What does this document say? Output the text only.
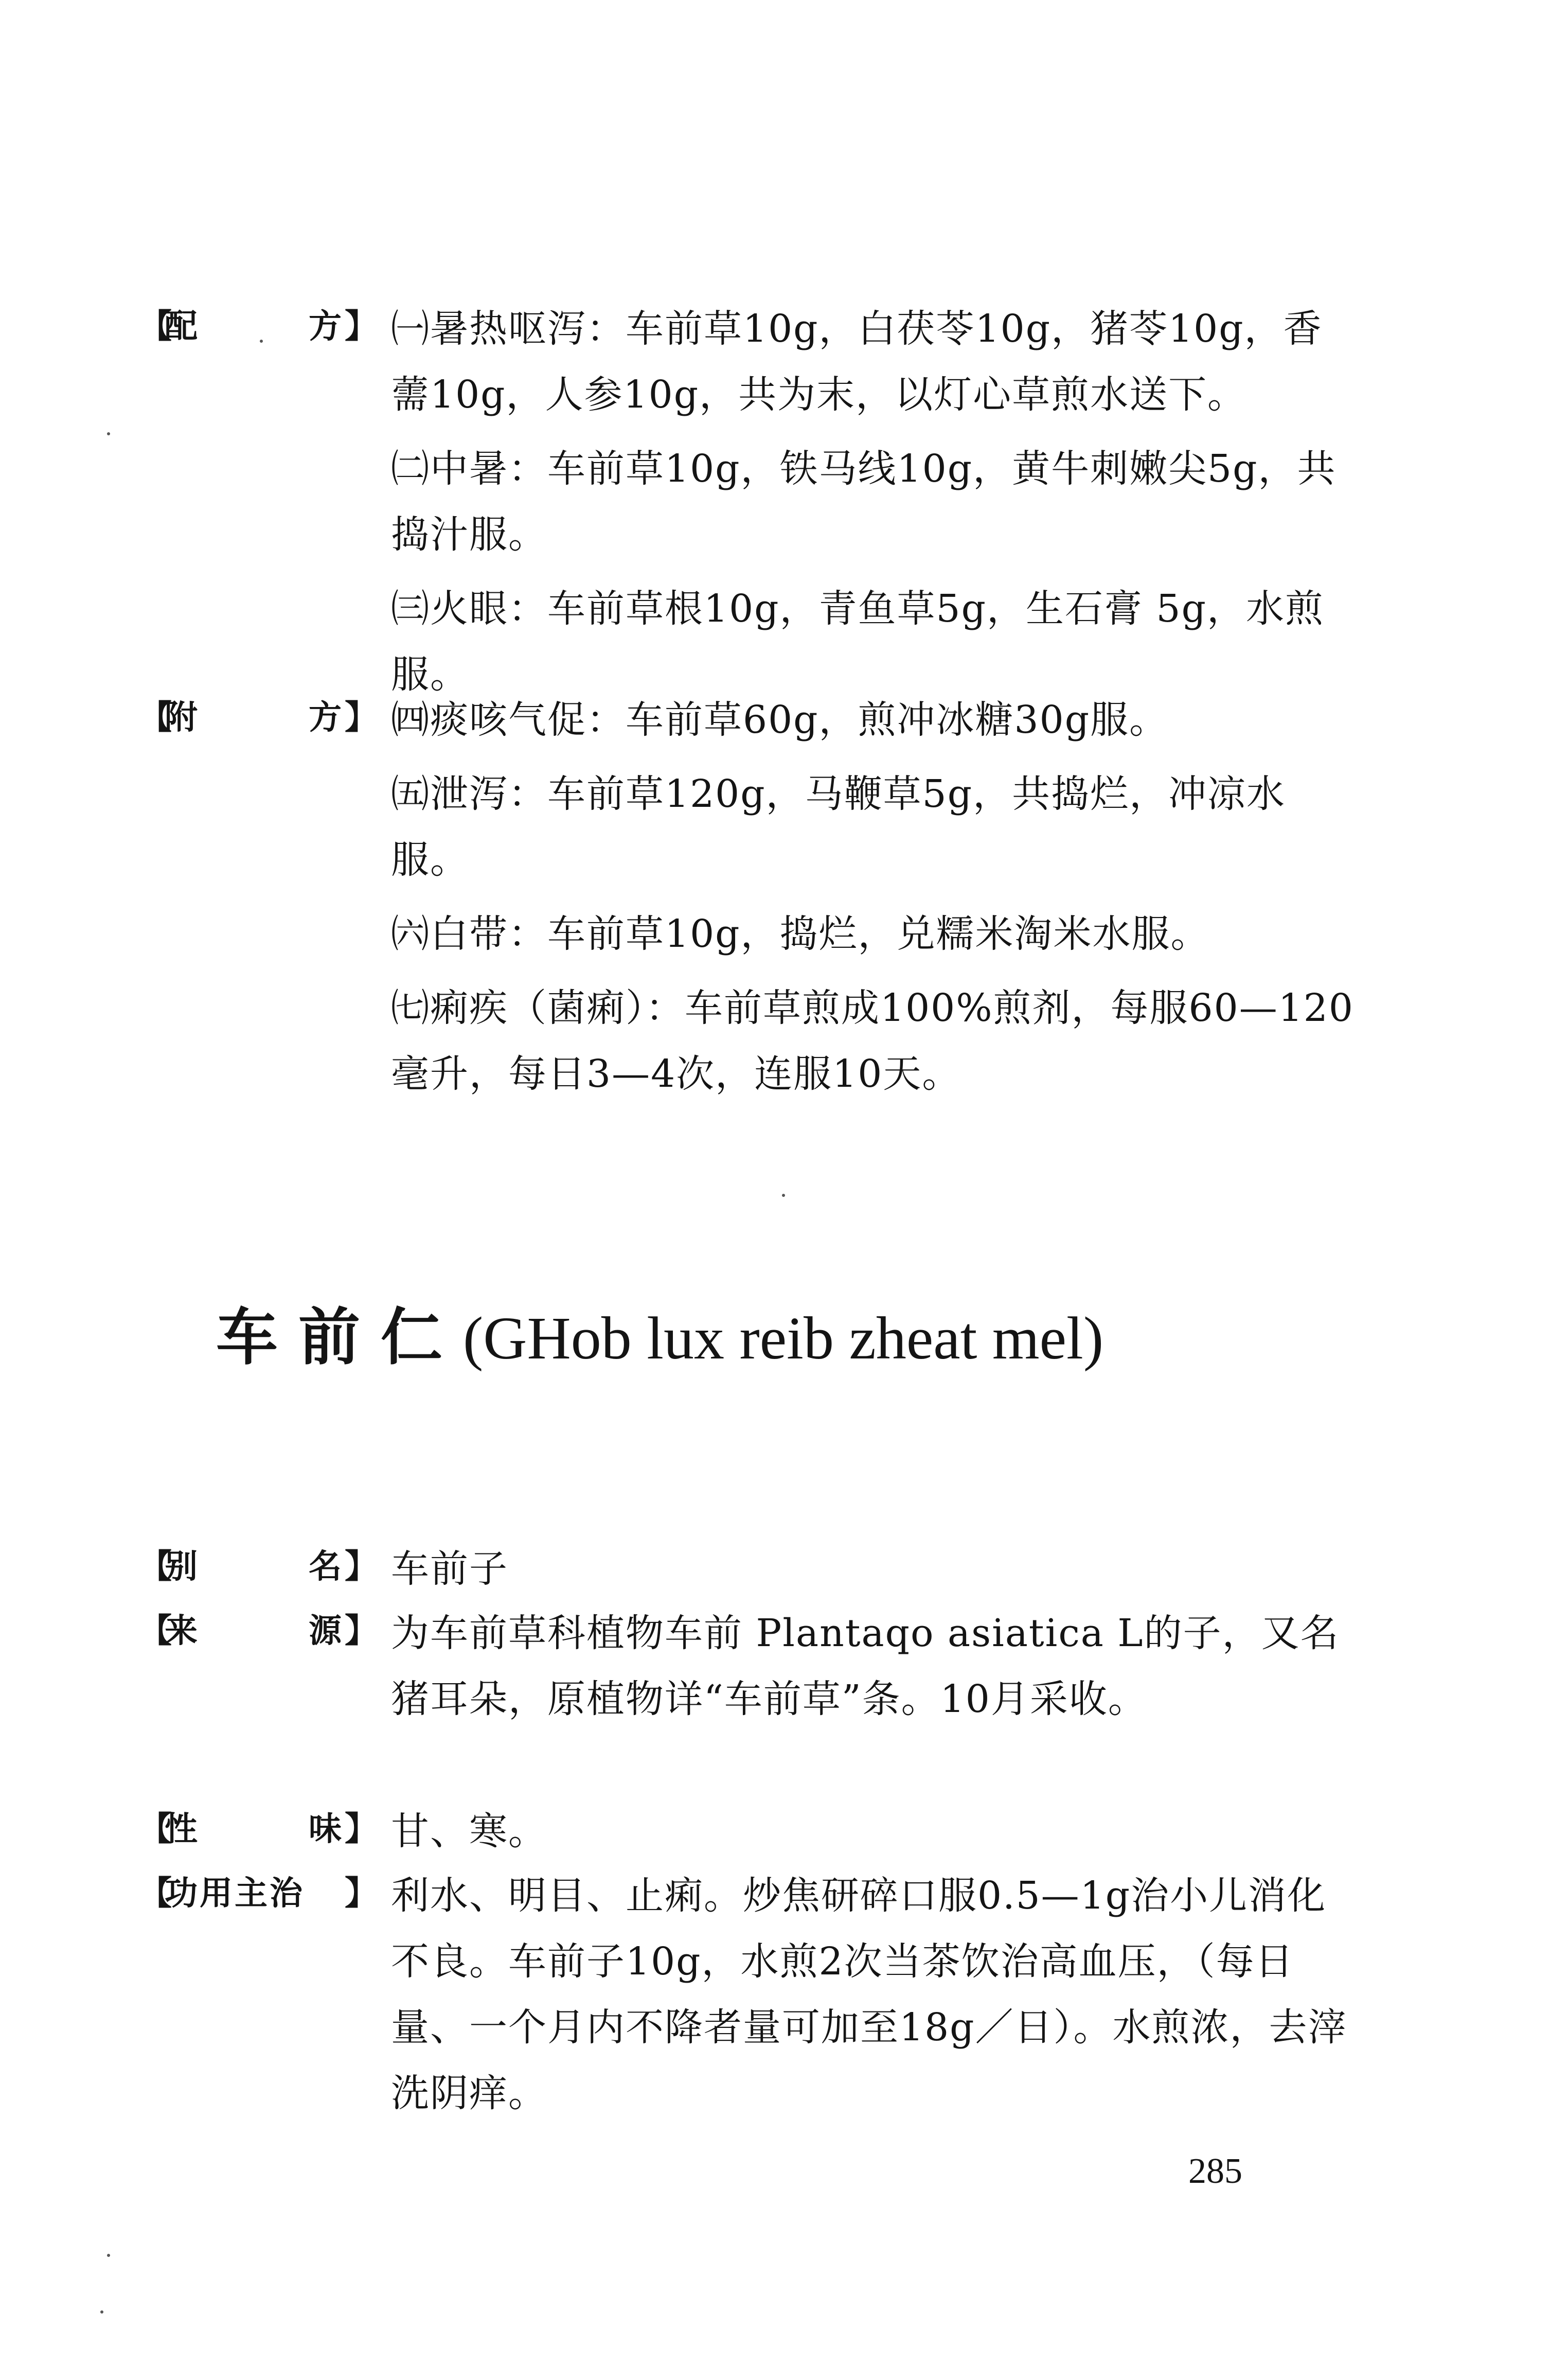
【
配	方 】 ㈠暑热呕泻：车前草10g，白茯苓10g，猪苓10g，香薷10g，人参10g，共为末，以灯心草煎水送下。

㈡中暑：车前草10g，铁马线10g，黄牛刺嫩尖5g，共捣汁服。

㈢火眼：车前草根10g，青鱼草5g，生石膏 5g，水煎服。

【
附	方 】 ㈣痰咳气促：车前草60g，煎冲冰糖30g服。

㈤泄泻：车前草120g，马鞭草5g，共捣烂，冲凉水服。

㈥白带：车前草10g，捣烂，兑糯米淘米水服。

㈦痢疾（菌痢）：车前草煎成100%煎剂，每服60—120毫升，每日3—4次，连服10天。

车前仁(GHob lux reib zheat mel)
【
别	名 】 车前子

【
来	源 】 为车前草科植物车前 Plantaqo asiatica L的子，又名猪耳朵，原植物详“车前草”条。10月采收。

【
性	味 】 甘、寒。

【
功用主治 】 利水、明目、止痢。炒焦研碎口服0.5—1g治小儿消化不良。车前子10g，水煎2次当茶饮治高血压，（每日量、一个月内不降者量可加至18g／日）。水煎浓，去滓洗阴痒。

285
